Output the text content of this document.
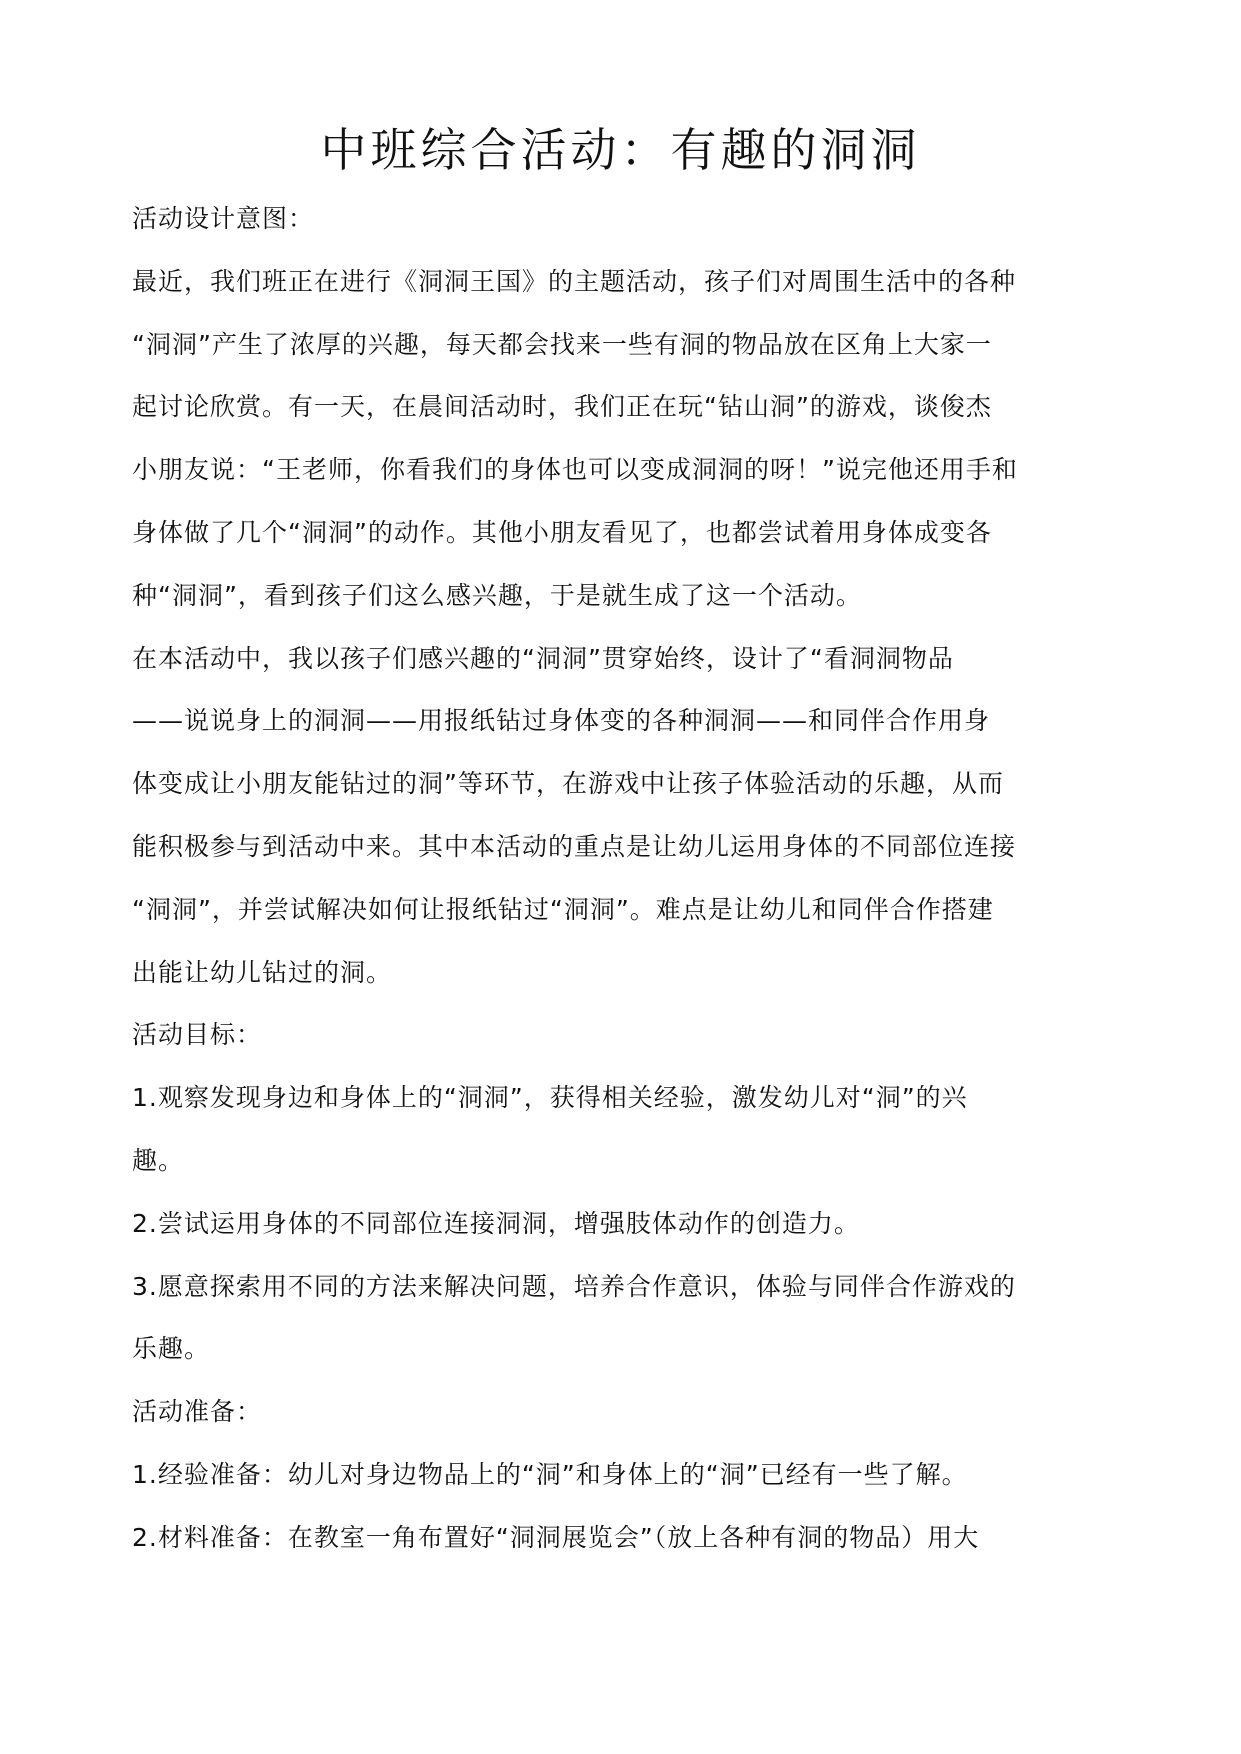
中班综合活动：有趣的洞洞
活动设计意图：
最近，我们班正在进行《洞洞王国》的主题活动，孩子们对周围生活中的各种
“洞洞”产生了浓厚的兴趣，每天都会找来一些有洞的物品放在区角上大家一
起讨论欣赏。有一天，在晨间活动时，我们正在玩“钻山洞”的游戏，谈俊杰
小朋友说：“王老师，你看我们的身体也可以变成洞洞的呀！”说完他还用手和
身体做了几个“洞洞”的动作。其他小朋友看见了，也都尝试着用身体成变各
种“洞洞”，看到孩子们这么感兴趣，于是就生成了这一个活动。
在本活动中，我以孩子们感兴趣的“洞洞”贯穿始终，设计了“看洞洞物品
——说说身上的洞洞——用报纸钻过身体变的各种洞洞——和同伴合作用身
体变成让小朋友能钻过的洞”等环节，在游戏中让孩子体验活动的乐趣，从而
能积极参与到活动中来。其中本活动的重点是让幼儿运用身体的不同部位连接
“洞洞”，并尝试解决如何让报纸钻过“洞洞”。难点是让幼儿和同伴合作搭建
出能让幼儿钻过的洞。
活动目标：
1.观察发现身边和身体上的“洞洞”，获得相关经验，激发幼儿对“洞”的兴
趣。
2.尝试运用身体的不同部位连接洞洞，增强肢体动作的创造力。
3.愿意探索用不同的方法来解决问题，培养合作意识，体验与同伴合作游戏的
乐趣。
活动准备：
1.经验准备：幼儿对身边物品上的“洞”和身体上的“洞”已经有一些了解。
2.材料准备：在教室一角布置好“洞洞展览会”（放上各种有洞的物品）用大
